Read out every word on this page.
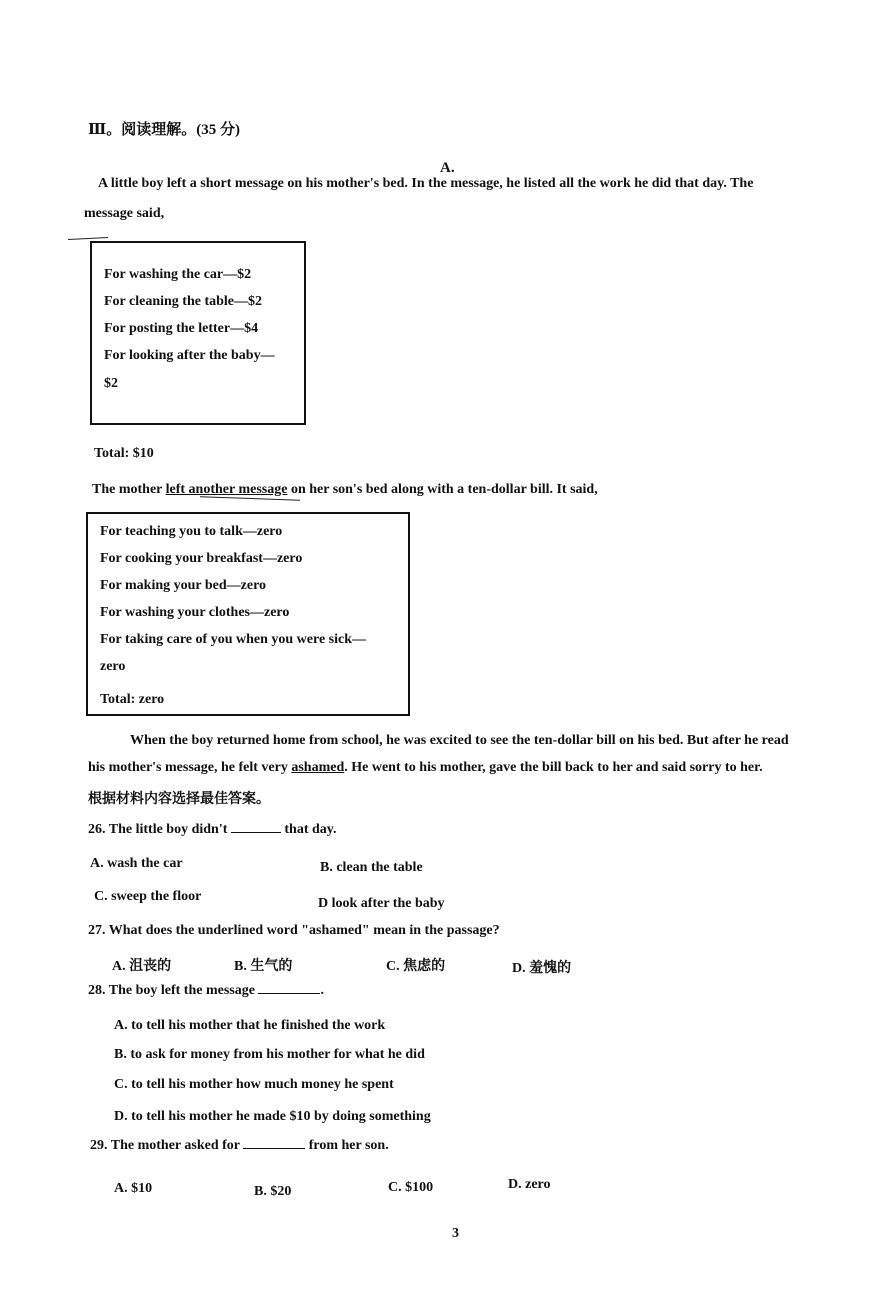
Ⅲ。阅读理解。(35 分)
A.
A little boy left a short message on his mother's bed. In the message, he listed all the work he did that day. The
message said,
For washing the car—$2
For cleaning the table—$2
For posting the letter—$4
For looking after the baby—
$2
Total: $10
The mother left another message on her son's bed along with a ten-dollar bill. It said,
For teaching you to talk—zero
For cooking your breakfast—zero
For making your bed—zero
For washing your clothes—zero
For taking care of you when you were sick—
zero
Total: zero
When the boy returned home from school, he was excited to see the ten-dollar bill on his bed. But after he read
his mother's message, he felt very ashamed. He went to his mother, gave the bill back to her and said sorry to her.
根据材料内容选择最佳答案。
26. The little boy didn't	that day.
A. wash the car	B. clean the table
C. sweep the floor	D look after the baby
27. What does the underlined word "ashamed" mean in the passage?
A. 沮丧的	B. 生气的	C. 焦虑的	D. 羞愧的
28. The boy left the message	.
A. to tell his mother that he finished the work
B. to ask for money from his mother for what he did
C. to tell his mother how much money he spent
D. to tell his mother he made $10 by doing something
29. The mother asked for	from her son.
A. $10	B. $20	C. $100	D. zero
3
